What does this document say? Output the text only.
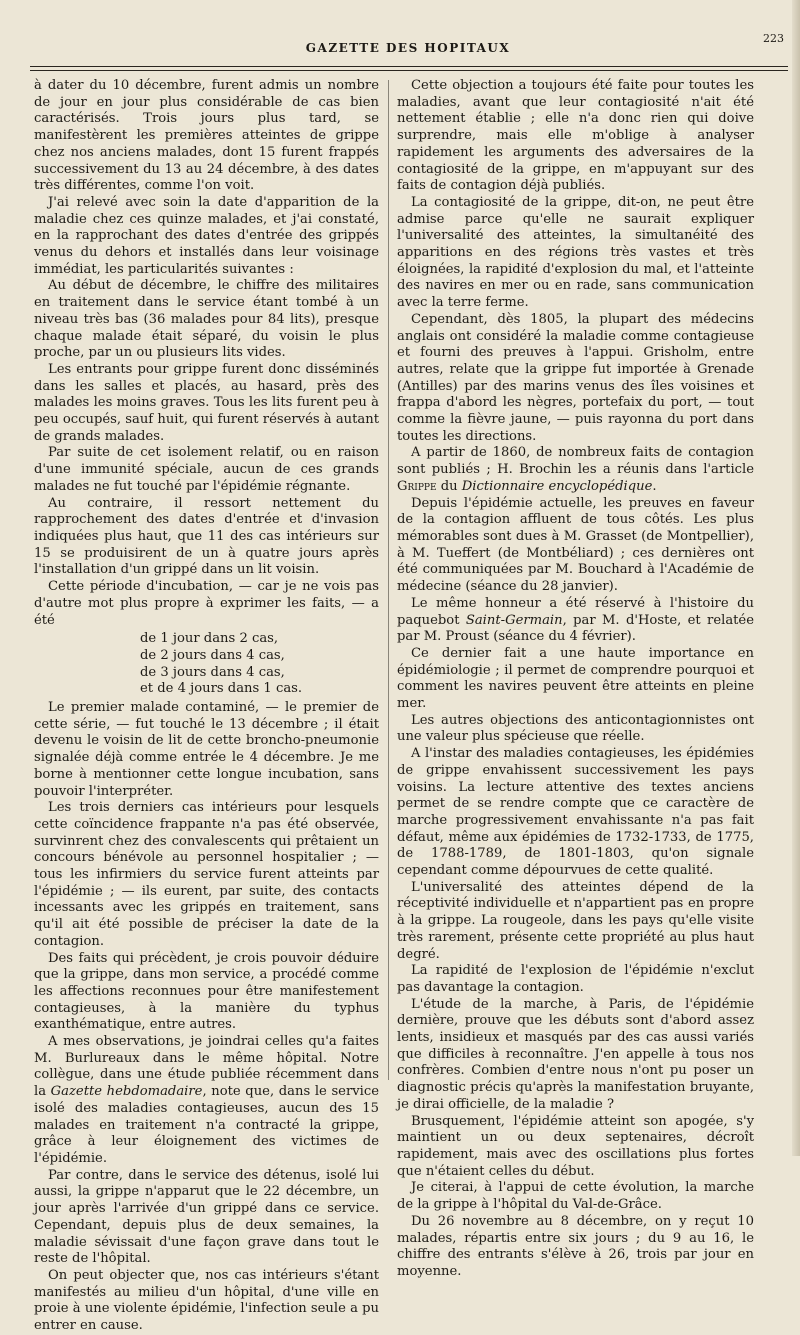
GAZETTE DES HOPITAUX
223

à dater du 10 décembre, furent admis un nombre de jour en jour plus considérable de cas bien caractérisés. Trois jours plus tard, se manifestèrent les premières atteintes de grippe chez nos anciens malades, dont 15 furent frappés successivement du 13 au 24 décembre, à des dates très différentes, comme l'on voit.

J'ai relevé avec soin la date d'apparition de la maladie chez ces quinze malades, et j'ai constaté, en la rapprochant des dates d'entrée des grippés venus du dehors et installés dans leur voisinage immédiat, les particularités suivantes :

Au début de décembre, le chiffre des militaires en traitement dans le service étant tombé à un niveau très bas (36 malades pour 84 lits), presque chaque malade était séparé, du voisin le plus proche, par un ou plusieurs lits vides.

Les entrants pour grippe furent donc disséminés dans les salles et placés, au hasard, près des malades les moins graves. Tous les lits furent peu à peu occupés, sauf huit, qui furent réservés à autant de grands malades.

Par suite de cet isolement relatif, ou en raison d'une immunité spéciale, aucun de ces grands malades ne fut touché par l'épidémie régnante.

Au contraire, il ressort nettement du rapprochement des dates d'entrée et d'invasion indiquées plus haut, que 11 des cas intérieurs sur 15 se produisirent de un à quatre jours après l'installation d'un grippé dans un lit voisin.

Cette période d'incubation, — car je ne vois pas d'autre mot plus propre à exprimer les faits, — a été

de 1 jour dans 2 cas,
de 2 jours dans 4 cas,
de 3 jours dans 4 cas,
et de 4 jours dans 1 cas.

Le premier malade contaminé, — le premier de cette série, — fut touché le 13 décembre ; il était devenu le voisin de lit de cette broncho-pneumonie signalée déjà comme entrée le 4 décembre. Je me borne à mentionner cette longue incubation, sans pouvoir l'interpréter.

Les trois derniers cas intérieurs pour lesquels cette coïncidence frappante n'a pas été observée, survinrent chez des convalescents qui prêtaient un concours bénévole au personnel hospitalier ; — tous les infirmiers du service furent atteints par l'épidémie ; — ils eurent, par suite, des contacts incessants avec les grippés en traitement, sans qu'il ait été possible de préciser la date de la contagion.

Des faits qui précèdent, je crois pouvoir déduire que la grippe, dans mon service, a procédé comme les affections reconnues pour être manifestement contagieuses, à la manière du typhus exanthématique, entre autres.

A mes observations, je joindrai celles qu'a faites M. Burlureaux dans le même hôpital. Notre collègue, dans une étude publiée récemment dans la Gazette hebdomadaire, note que, dans le service isolé des maladies contagieuses, aucun des 15 malades en traitement n'a contracté la grippe, grâce à leur éloignement des victimes de l'épidémie.

Par contre, dans le service des détenus, isolé lui aussi, la grippe n'apparut que le 22 décembre, un jour après l'arrivée d'un grippé dans ce service. Cependant, depuis plus de deux semaines, la maladie sévissait d'une façon grave dans tout le reste de l'hôpital.

On peut objecter que, nos cas intérieurs s'étant manifestés au milieu d'un hôpital, d'une ville en proie à une violente épidémie, l'infection seule a pu entrer en cause.

Cette objection a toujours été faite pour toutes les maladies, avant que leur contagiosité n'ait été nettement établie ; elle n'a donc rien qui doive surprendre, mais elle m'oblige à analyser rapidement les arguments des adversaires de la contagiosité de la grippe, en m'appuyant sur des faits de contagion déjà publiés.

La contagiosité de la grippe, dit-on, ne peut être admise parce qu'elle ne saurait expliquer l'universalité des atteintes, la simultanéité des apparitions en des régions très vastes et très éloignées, la rapidité d'explosion du mal, et l'atteinte des navires en mer ou en rade, sans communication avec la terre ferme.

Cependant, dès 1805, la plupart des médecins anglais ont considéré la maladie comme contagieuse et fourni des preuves à l'appui. Grisholm, entre autres, relate que la grippe fut importée à Grenade (Antilles) par des marins venus des îles voisines et frappa d'abord les nègres, portefaix du port, — tout comme la fièvre jaune, — puis rayonna du port dans toutes les directions.

A partir de 1860, de nombreux faits de contagion sont publiés ; H. Brochin les a réunis dans l'article Grippe du Dictionnaire encyclopédique.

Depuis l'épidémie actuelle, les preuves en faveur de la contagion affluent de tous côtés. Les plus mémorables sont dues à M. Grasset (de Montpellier), à M. Tueffert (de Montbéliard) ; ces dernières ont été communiquées par M. Bouchard à l'Académie de médecine (séance du 28 janvier).

Le même honneur a été réservé à l'histoire du paquebot Saint-Germain, par M. d'Hoste, et relatée par M. Proust (séance du 4 février).

Ce dernier fait a une haute importance en épidémiologie ; il permet de comprendre pourquoi et comment les navires peuvent être atteints en pleine mer.

Les autres objections des anticontagionnistes ont une valeur plus spécieuse que réelle.

A l'instar des maladies contagieuses, les épidémies de grippe envahissent successivement les pays voisins. La lecture attentive des textes anciens permet de se rendre compte que ce caractère de marche progressivement envahissante n'a pas fait défaut, même aux épidémies de 1732-1733, de 1775, de 1788-1789, de 1801-1803, qu'on signale cependant comme dépourvues de cette qualité.

L'universalité des atteintes dépend de la réceptivité individuelle et n'appartient pas en propre à la grippe. La rougeole, dans les pays qu'elle visite très rarement, présente cette propriété au plus haut degré.

La rapidité de l'explosion de l'épidémie n'exclut pas davantage la contagion.

L'étude de la marche, à Paris, de l'épidémie dernière, prouve que les débuts sont d'abord assez lents, insidieux et masqués par des cas aussi variés que difficiles à reconnaître. J'en appelle à tous nos confrères. Combien d'entre nous n'ont pu poser un diagnostic précis qu'après la manifestation bruyante, je dirai officielle, de la maladie ?

Brusquement, l'épidémie atteint son apogée, s'y maintient un ou deux septenaires, décroît rapidement, mais avec des oscillations plus fortes que n'étaient celles du début.

Je citerai, à l'appui de cette évolution, la marche de la grippe à l'hôpital du Val-de-Grâce.

Du 26 novembre au 8 décembre, on y reçut 10 malades, répartis entre six jours ; du 9 au 16, le chiffre des entrants s'élève à 26, trois par jour en moyenne.
